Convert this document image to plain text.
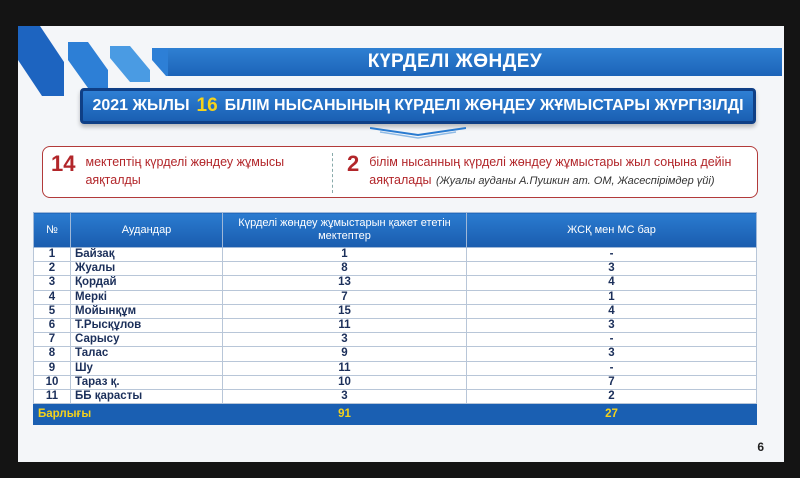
КҮРДЕЛІ ЖӨНДЕУ
2021 ЖЫЛЫ 16 БІЛІМ НЫСАНЫНЫҢ КҮРДЕЛІ ЖӨНДЕУ ЖҰМЫСТАРЫ ЖҮРГІЗІЛДІ
14 мектептің күрделі жөндеу жұмысы аяқталды
2 білім нысанның күрделі жөндеу жұмыстары жыл соңына дейін аяқталады (Жуалы ауданы А.Пушкин ат. ОМ, Жасеспірімдер үйі)
№	Аудандар	Күрделі жөндеу жұмыстарын қажет ететін мектептер	ЖСҚ мен МС бар
1	Байзақ	1	-
2	Жуалы	8	3
3	Қордай	13	4
4	Меркі	7	1
5	Мойынқұм	15	4
6	Т.Рысқұлов	11	3
7	Сарысу	3	-
8	Талас	9	3
9	Шу	11	-
10	Тараз қ.	10	7
11	ББ қарасты	3	2
Барлығы		91	27
6
